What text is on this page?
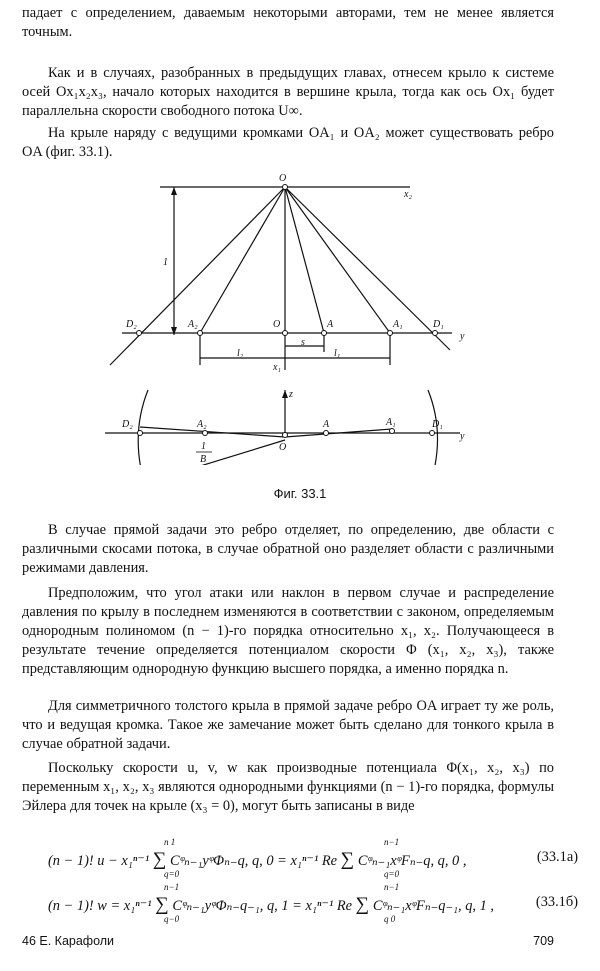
падает с определением, даваемым некоторыми авторами, тем не менее является точным.

Как и в случаях, разобранных в предыдущих главах, отнесем крыло к системе осей Ox₁x₂x₃, начало которых находится в вершине крыла, тогда как ось Ox₁ будет параллельна скорости свободного потока U∞.

На крыле наряду с ведущими кромками OA₁ и OA₂ может существовать ребро OA (фиг. 33.1).

O
x₂
1
D₂	A₂	O	A	A₁	D₁
y
s
l₂	l₁
x₁
z
D₂	A₂	A	A₁	D₁
y
O
1
B
Фиг. 33.1

В случае прямой задачи это ребро отделяет, по определению, две области с различными скосами потока, в случае обратной оно разделяет области с различными режимами давления.

Предположим, что угол атаки или наклон в первом случае и распределение давления по крылу в последнем изменяются в соответствии с законом, определяемым однородным полиномом (n − 1)-го порядка относительно x₁, x₂. Получающееся в результате течение определяется потенциалом скорости Φ (x₁, x₂, x₃), также представляющим однородную функцию высшего порядка, а именно порядка n.

Для симметричного толстого крыла в прямой задаче ребро OA играет ту же роль, что и ведущая кромка. Такое же замечание может быть сделано для тонкого крыла в случае обратной задачи.

Поскольку скорости u, v, w как производные потенциала Φ(x₁, x₂, x₃) по переменным x₁, x₂, x₃ являются однородными функциями (n − 1)-го порядка, формулы Эйлера для точек на крыле (x₃ = 0), могут быть записаны в виде

n 1
q=0
n−1
q=0
(n − 1)! u − x₁ⁿ⁻¹ ∑ Cᵠₙ₋₁yᵠΦₙ₋q, q, 0 = x₁ⁿ⁻¹ Re ∑ Cᵠₙ₋₁xᵠFₙ₋q, q, 0 ,	(33.1a)
n−1
q−0
n−1
q 0
(n − 1)! w = x₁ⁿ⁻¹ ∑ Cᵠₙ₋₁yᵠΦₙ₋q₋₁, q, 1 = x₁ⁿ⁻¹ Re ∑ Cᵠₙ₋₁xᵠFₙ₋q₋₁, q, 1 ,	(33.1б)
46 Е. Карафоли	709
